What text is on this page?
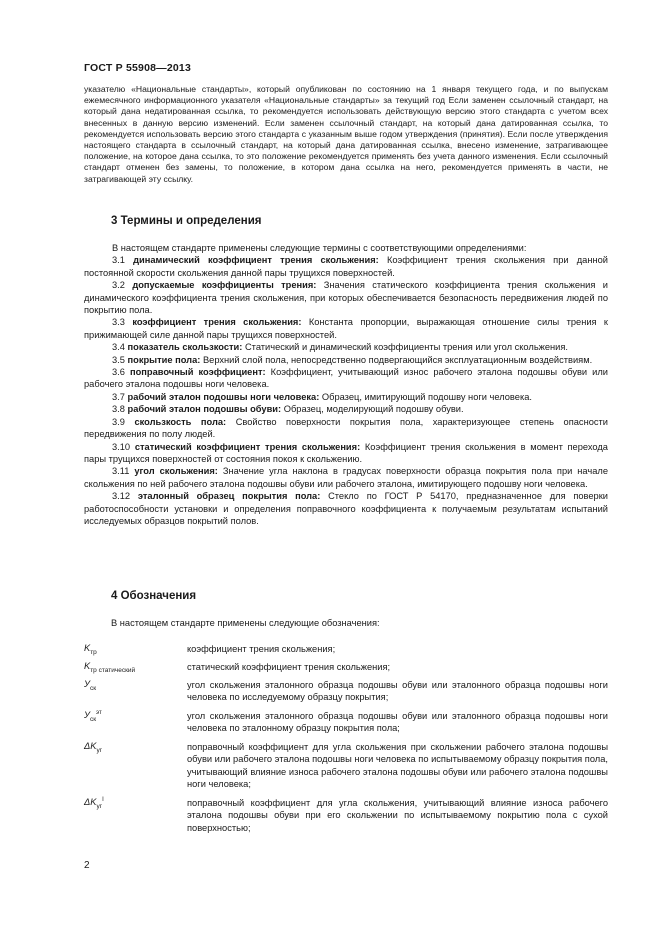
ГОСТ Р 55908—2013

указателю «Национальные стандарты», который опубликован по состоянию на 1 января текущего года, и по выпускам ежемесячного информационного указателя «Национальные стандарты» за текущий год Если заменен ссылочный стандарт, на который дана недатированная ссылка, то рекомендуется использовать действующую версию этого стандарта с учетом всех внесенных в данную версию изменений. Если заменен ссылочный стандарт, на который дана датированная ссылка, то рекомендуется использовать версию этого стандарта с указанным выше годом утверждения (принятия). Если после утверждения настоящего стандарта в ссылочный стандарт, на который дана датированная ссылка, внесено изменение, затрагивающее положение, на которое дана ссылка, то это положение рекомендуется применять без учета данного изменения. Если ссылочный стандарт отменен без замены, то положение, в котором дана ссылка на него, рекомендуется применять в части, не затрагивающей эту ссылку.

3 Термины и определения

В настоящем стандарте применены следующие термины с соответствующими определениями:

3.1 динамический коэффициент трения скольжения: Коэффициент трения скольжения при данной постоянной скорости скольжения данной пары трущихся поверхностей.

3.2 допускаемые коэффициенты трения: Значения статического коэффициента трения скольжения и динамического коэффициента трения скольжения, при которых обеспечивается безопасность передвижения людей по покрытию пола.

3.3 коэффициент трения скольжения: Константа пропорции, выражающая отношение силы трения к прижимающей силе данной пары трущихся поверхностей.

3.4 показатель скользкости: Статический и динамический коэффициенты трения или угол скольжения.

3.5 покрытие пола: Верхний слой пола, непосредственно подвергающийся эксплуатационным воздействиям.

3.6 поправочный коэффициент: Коэффициент, учитывающий износ рабочего эталона подошвы обуви или рабочего эталона подошвы ноги человека.

3.7 рабочий эталон подошвы ноги человека: Образец, имитирующий подошву ноги человека.

3.8 рабочий эталон подошвы обуви: Образец, моделирующий подошву обуви.

3.9 скользкость пола: Свойство поверхности покрытия пола, характеризующее степень опасности передвижения по полу людей.

3.10 статический коэффициент трения скольжения: Коэффициент трения скольжения в момент перехода пары трущихся поверхностей от состояния покоя к скольжению.

3.11 угол скольжения: Значение угла наклона в градусах поверхности образца покрытия пола при начале скольжения по ней рабочего эталона подошвы обуви или рабочего эталона, имитирующего подошву ноги человека.

3.12 эталонный образец покрытия пола: Стекло по ГОСТ Р 54170, предназначенное для поверки работоспособности установки и определения поправочного коэффициента к получаемым результатам испытаний исследуемых образцов покрытий полов.

4 Обозначения
В настоящем стандарте применены следующие обозначения:
$K_{тр}$	коэффициент трения скольжения;
$K_{тр статический}$	статический коэффициент трения скольжения;
$У_{ск}$	угол скольжения эталонного образца подошвы обуви или эталонного образца подошвы ноги человека по исследуемому образцу покрытия;
$У_{ск}^{эт}$	угол скольжения эталонного образца подошвы обуви или эталонного образца подошвы ноги человека по эталонному образцу покрытия пола;
$\Delta K_{уг}$	поправочный коэффициент для угла скольжения при скольжении рабочего эталона подошвы обуви или рабочего эталона подошвы ноги человека по испытываемому образцу покрытия пола, учитывающий влияние износа рабочего эталона подошвы обуви или рабочего эталона подошвы ноги человека;
$\Delta K_{уг}^I$	поправочный коэффициент для угла скольжения, учитывающий влияние износа рабочего эталона подошвы обуви при его скольжении по испытываемому покрытию пола с сухой поверхностью;
2
